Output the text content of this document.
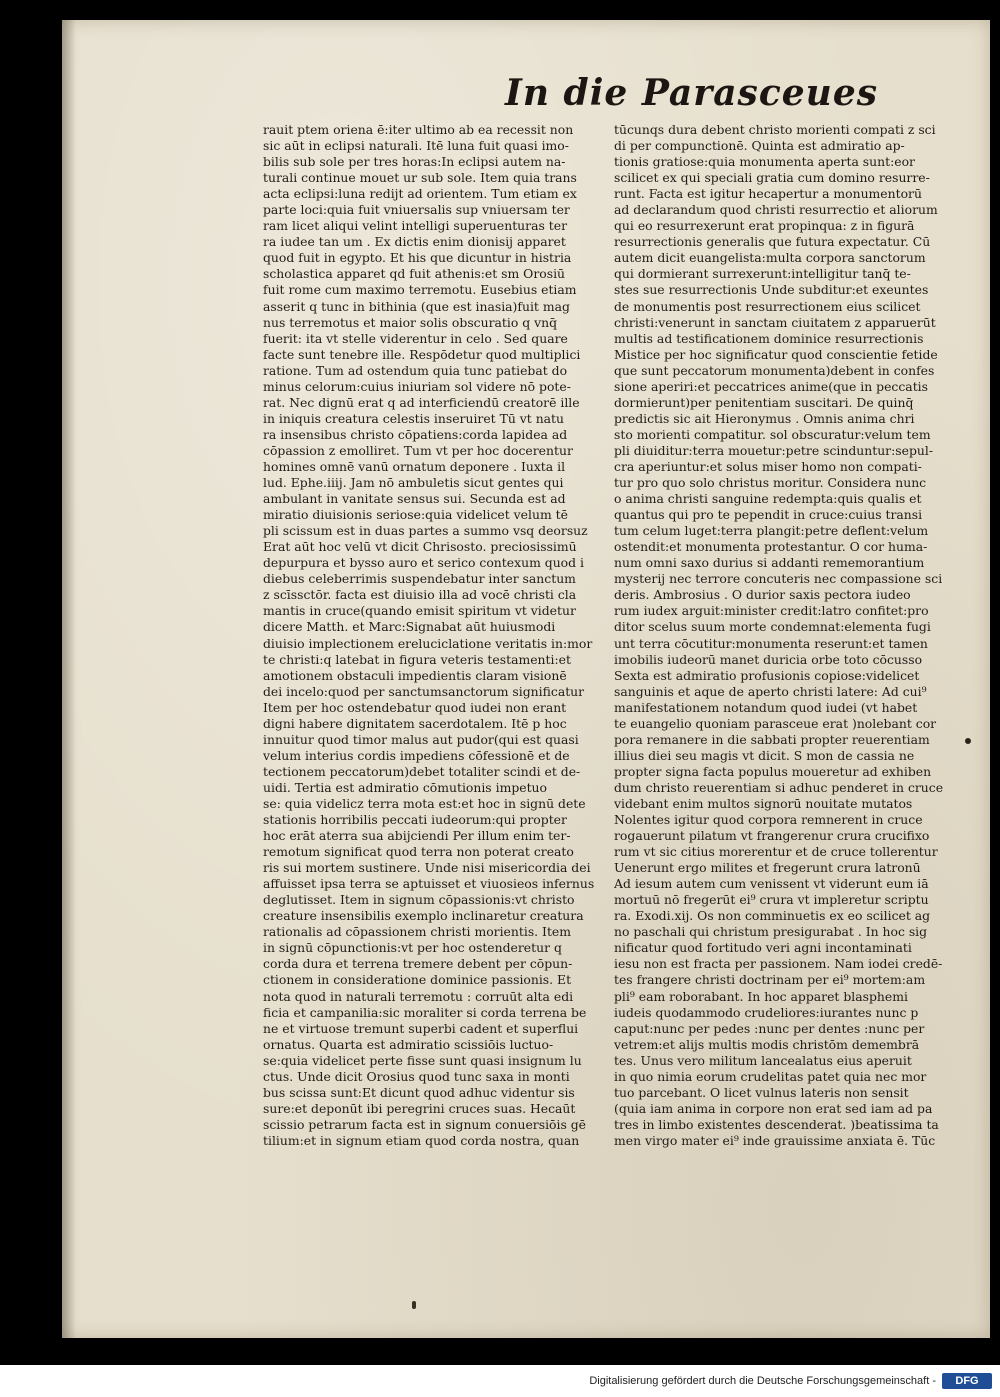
In die Parasceues
rauit ptem oriena ē:iter ultimo ab ea recessit non
sic aūt in eclipsi naturali. Itē luna fuit quasi imo-
bilis sub sole per tres horas:In eclipsi autem na-
turali continue mouet ur sub sole. Item quia trans
acta eclipsi:luna redijt ad orientem. Tum etiam ex
parte loci:quia fuit vniuersalis sup vniuersam ter
ram licet aliqui velint intelligi superuenturas ter
ra iudee tan um . Ex dictis enim dionisij apparet
quod fuit in egypto. Et his que dicuntur in histria
scholastica apparet qd fuit athenis:et sm Orosiū
fuit rome cum maximo terremotu. Eusebius etiam
asserit q tunc in bithinia (que est inasia)fuit mag
nus terremotus et maior solis obscuratio q vnq̄
fuerit: ita vt stelle viderentur in celo . Sed quare
facte sunt tenebre ille. Respōdetur quod multiplici
ratione. Tum ad ostendum quia tunc patiebat do
minus celorum:cuius iniuriam sol videre nō pote-
rat. Nec dignū erat q ad interficiendū creatorē ille
in iniquis creatura celestis inseruiret Tū vt natu
ra insensibus christo cōpatiens:corda lapidea ad
cōpassion z emolliret. Tum vt per hoc docerentur
homines omnē vanū ornatum deponere . Iuxta il
lud. Ephe.iiij. Jam nō ambuletis sicut gentes qui
ambulant in vanitate sensus sui. Secunda est ad
miratio diuisionis seriose:quia videlicet velum tē
pli scissum est in duas partes a summo vsq deorsuz
Erat aūt hoc velū vt dicit Chrisosto. preciosissimū
depurpura et bysso auro et serico contexum quod i
diebus celeberrimis suspendebatur inter sanctum
z scīssctōr. facta est diuisio illa ad vocē christi cla
mantis in cruce(quando emisit spiritum vt videtur
dicere Matth. et Marc:Signabat aūt huiusmodi
diuisio implectionem ereluciclatione veritatis in:mor
te christi:q latebat in figura veteris testamenti:et
amotionem obstaculi impedientis claram visionē
dei incelo:quod per sanctumsanctorum significatur
Item per hoc ostendebatur quod iudei non erant
digni habere dignitatem sacerdotalem. Itē p hoc
innuitur quod timor malus aut pudor(qui est quasi
velum interius cordis impediens cōfessionē et de
tectionem peccatorum)debet totaliter scindi et de-
uidi. Tertia est admiratio cōmutionis impetuo
se: quia videlicz terra mota est:et hoc in signū dete
stationis horribilis peccati iudeorum:qui propter
hoc erāt aterra sua abijciendi Per illum enim ter-
remotum significat quod terra non poterat creato
ris sui mortem sustinere. Unde nisi misericordia dei
affuisset ipsa terra se aptuisset et viuosieos infernus
deglutisset. Item in signum cōpassionis:vt christo
creature insensibilis exemplo inclinaretur creatura
rationalis ad cōpassionem christi morientis. Item
in signū cōpunctionis:vt per hoc ostenderetur q
corda dura et terrena tremere debent per cōpun-
ctionem in consideratione dominice passionis. Et
nota quod in naturali terremotu : corruūt alta edi
ficia et campanilia:sic moraliter si corda terrena be
ne et virtuose tremunt superbi cadent et superflui
ornatus. Quarta est admiratio scissiōis luctuo-
se:quia videlicet perte fisse sunt quasi insignum lu
ctus. Unde dicit Orosius quod tunc saxa in monti
bus scissa sunt:Et dicunt quod adhuc videntur sis
sure:et deponūt ibi peregrini cruces suas. Hecaūt
scissio petrarum facta est in signum conuersiōis gē
tilium:et in signum etiam quod corda nostra, quan
tūcunqs dura debent christo morienti compati z sci
di per compunctionē. Quinta est admiratio ap-
tionis gratiose:quia monumenta aperta sunt:eor
scilicet ex qui speciali gratia cum domino resurre-
runt. Facta est igitur hecapertur a monumentorū
ad declarandum quod christi resurrectio et aliorum
qui eo resurrexerunt erat propinqua: z in figurā
resurrectionis generalis que futura expectatur. Cū
autem dicit euangelista:multa corpora sanctorum
qui dormierant surrexerunt:intelligitur tanq̄ te-
stes sue resurrectionis Unde subditur:et exeuntes
de monumentis post resurrectionem eius scilicet
christi:venerunt in sanctam ciuitatem z apparuerūt
multis ad testificationem dominice resurrectionis
Mistice per hoc significatur quod conscientie fetide
que sunt peccatorum monumenta)debent in confes
sione aperiri:et peccatrices anime(que in peccatis
dormierunt)per penitentiam suscitari. De quinq̄
predictis sic ait Hieronymus . Omnis anima chri
sto morienti compatitur. sol obscuratur:velum tem
pli diuiditur:terra mouetur:petre scinduntur:sepul-
cra aperiuntur:et solus miser homo non compati-
tur pro quo solo christus moritur. Considera nunc
o anima christi sanguine redempta:quis qualis et
quantus qui pro te pependit in cruce:cuius transi
tum celum luget:terra plangit:petre deflent:velum
ostendit:et monumenta protestantur. O cor huma-
num omni saxo durius si addanti rememorantium
mysterij nec terrore concuteris nec compassione sci
deris. Ambrosius . O durior saxis pectora iudeo
rum iudex arguit:minister credit:latro confitet:pro
ditor scelus suum morte condemnat:elementa fugi
unt terra cōcutitur:monumenta reserunt:et tamen
imobilis iudeorū manet duricia orbe toto cōcusso
Sexta est admiratio profusionis copiose:videlicet
sanguinis et aque de aperto christi latere: Ad cui⁹
manifestationem notandum quod iudei (vt habet
te euangelio quoniam parasceue erat )nolebant cor
pora remanere in die sabbati propter reuerentiam
illius diei seu magis vt dicit. S mon de cassia ne
propter signa facta populus moueretur ad exhiben
dum christo reuerentiam si adhuc penderet in cruce
videbant enim multos signorū nouitate mutatos
Nolentes igitur quod corpora remnerent in cruce
rogauerunt pilatum vt frangerenur crura crucifixo
rum vt sic citius morerentur et de cruce tollerentur
Uenerunt ergo milites et fregerunt crura latronū
Ad iesum autem cum venissent vt viderunt eum iā
mortuū nō fregerūt ei⁹ crura vt impleretur scriptu
ra. Exodi.xij. Os non comminuetis ex eo scilicet ag
no paschali qui christum presigurabat . In hoc sig
nificatur quod fortitudo veri agni incontaminati
iesu non est fracta per passionem. Nam iodei credē-
tes frangere christi doctrinam per ei⁹ mortem:am
pli⁹ eam roborabant. In hoc apparet blasphemi
iudeis quodammodo crudeliores:iurantes nunc p
caput:nunc per pedes :nunc per dentes :nunc per
vetrem:et alijs multis modis christōm demembrā
tes. Unus vero militum lancealatus eius aperuit
in quo nimia eorum crudelitas patet quia nec mor
tuo parcebant. O licet vulnus lateris non sensit
(quia iam anima in corpore non erat sed iam ad pa
tres in limbo existentes descenderat. )beatissima ta
men virgo mater ei⁹ inde grauissime anxiata ē. Tūc
Digitalisierung gefördert durch die Deutsche Forschungsgemeinschaft -	DFG
